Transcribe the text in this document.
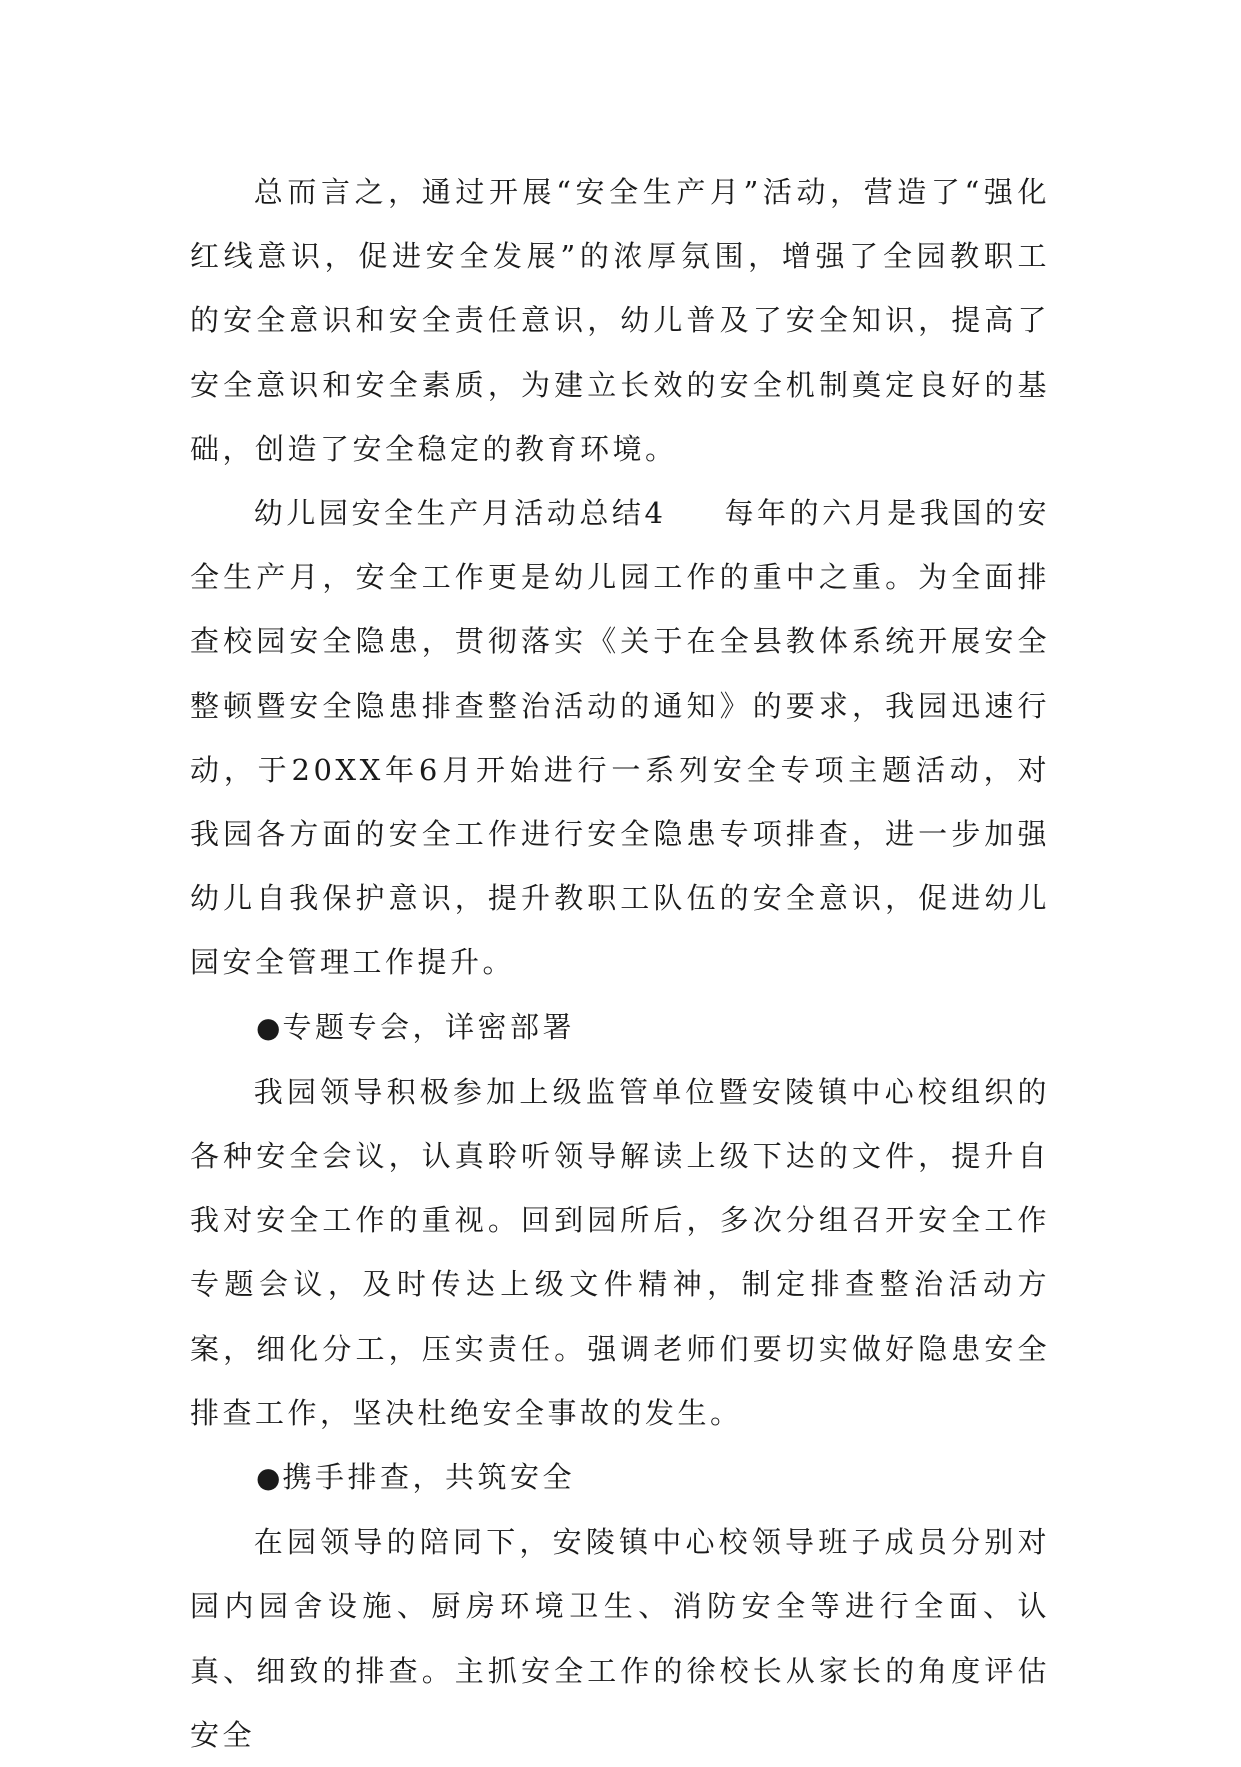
总而言之，通过开展“安全生产月”活动，营造了“强化红线意识，促进安全发展”的浓厚氛围，增强了全园教职工的安全意识和安全责任意识，幼儿普及了安全知识，提高了安全意识和安全素质，为建立长效的安全机制奠定良好的基础，创造了安全稳定的教育环境。

幼儿园安全生产月活动总结4 每年的六月是我国的安全生产月，安全工作更是幼儿园工作的重中之重。为全面排查校园安全隐患，贯彻落实《关于在全县教体系统开展安全整顿暨安全隐患排查整治活动的通知》的要求，我园迅速行动，于20XX年6月开始进行一系列安全专项主题活动，对我园各方面的安全工作进行安全隐患专项排查，进一步加强幼儿自我保护意识，提升教职工队伍的安全意识，促进幼儿园安全管理工作提升。

●专题专会，详密部署

我园领导积极参加上级监管单位暨安陵镇中心校组织的各种安全会议，认真聆听领导解读上级下达的文件，提升自我对安全工作的重视。回到园所后，多次分组召开安全工作专题会议，及时传达上级文件精神，制定排查整治活动方案，细化分工，压实责任。强调老师们要切实做好隐患安全排查工作，坚决杜绝安全事故的发生。

●携手排查，共筑安全

在园领导的陪同下，安陵镇中心校领导班子成员分别对园内园舍设施、厨房环境卫生、消防安全等进行全面、认真、细致的排查。主抓安全工作的徐校长从家长的角度评估安全
